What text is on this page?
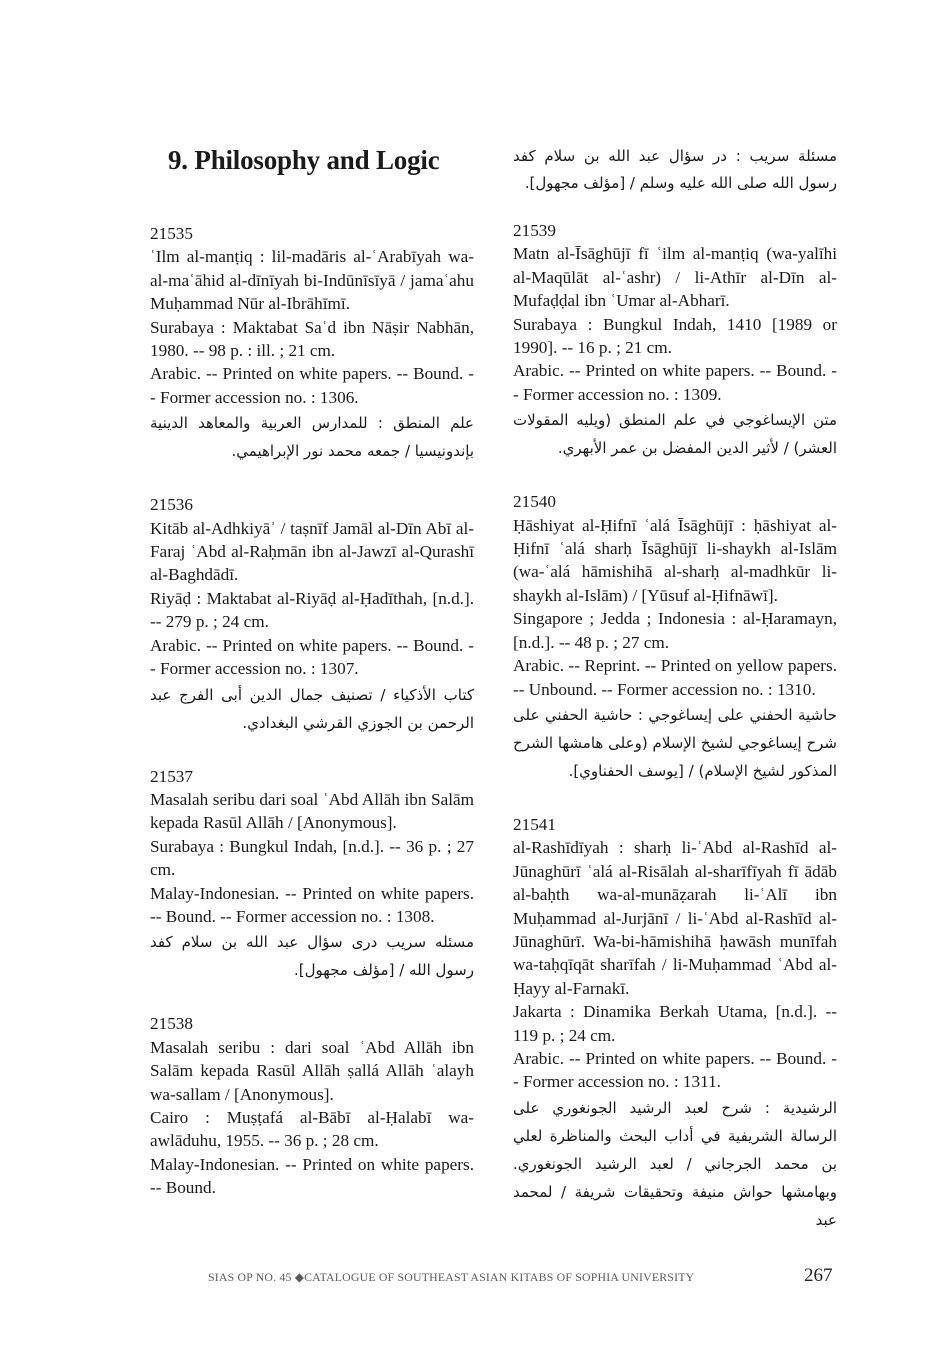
9. Philosophy and Logic

21535

ʿIlm al-manṭiq : lil-madāris al-ʿArabīyah wa-al-maʿāhid al-dīnīyah bi-Indūnīsīyā / jamaʿahu Muḥammad Nūr al-Ibrāhīmī.

Surabaya : Maktabat Saʿd ibn Nāṣir Nabhān, 1980. -- 98 p. : ill. ; 21 cm.

Arabic. -- Printed on white papers. -- Bound. -- Former accession no. : 1306.

علم المنطق : للمدارس العربية والمعاهد الدينية بإندونيسيا / جمعه محمد نور الإبراهيمي.

21536

Kitāb al-Adhkiyāʾ / taṣnīf Jamāl al-Dīn Abī al-Faraj ʿAbd al-Raḥmān ibn al-Jawzī al-Qurashī al-Baghdādī.

Riyāḍ : Maktabat al-Riyāḍ al-Ḥadīthah, [n.d.]. -- 279 p. ; 24 cm.

Arabic. -- Printed on white papers. -- Bound. -- Former accession no. : 1307.

كتاب الأذكياء / تصنيف جمال الدين أبى الفرج عبد الرحمن بن الجوزي القرشي البغدادي.

21537

Masalah seribu dari soal ʿAbd Allāh ibn Salām kepada Rasūl Allāh / [Anonymous].

Surabaya : Bungkul Indah, [n.d.]. -- 36 p. ; 27 cm.

Malay-Indonesian. -- Printed on white papers. -- Bound. -- Former accession no. : 1308.

مسئله سريب درى سؤال عبد الله بن سلام كفد رسول الله / [مؤلف مجهول].

21538

Masalah seribu : dari soal ʿAbd Allāh ibn Salām kepada Rasūl Allāh ṣallá Allāh ʿalayh wa-sallam / [Anonymous].

Cairo : Muṣṭafá al-Bābī al-Ḥalabī wa-awlāduhu, 1955. -- 36 p. ; 28 cm.

Malay-Indonesian. -- Printed on white papers. -- Bound.

مسئلة سريب : در سؤال عبد الله بن سلام كفد رسول الله صلى الله عليه وسلم / [مؤلف مجهول].

21539

Matn al-Īsāghūjī fī ʿilm al-manṭiq (wa-yalīhi al-Maqūlāt al-ʿashr) / li-Athīr al-Dīn al-Mufaḍḍal ibn ʿUmar al-Abharī.

Surabaya : Bungkul Indah, 1410 [1989 or 1990]. -- 16 p. ; 21 cm.

Arabic. -- Printed on white papers. -- Bound. -- Former accession no. : 1309.

متن الإيساغوجي في علم المنطق (ويليه المقولات العشر) / لأثير الدين المفضل بن عمر الأبهري.

21540

Ḥāshiyat al-Ḥifnī ʿalá Īsāghūjī : ḥāshiyat al-Ḥifnī ʿalá sharḥ Īsāghūjī li-shaykh al-Islām (wa-ʿalá hāmishihā al-sharḥ al-madhkūr li-shaykh al-Islām) / [Yūsuf al-Ḥifnāwī].

Singapore ; Jedda ; Indonesia : al-Ḥaramayn, [n.d.]. -- 48 p. ; 27 cm.

Arabic. -- Reprint. -- Printed on yellow papers. -- Unbound. -- Former accession no. : 1310.

حاشية الحفني على إيساغوجي : حاشية الحفني على شرح إيساغوجي لشيخ الإسلام (وعلى هامشها الشرح المذكور لشيخ الإسلام) / [يوسف الحفناوي].

21541

al-Rashīdīyah : sharḥ li-ʿAbd al-Rashīd al-Jūnaghūrī ʿalá al-Risālah al-sharīfīyah fī ādāb al-baḥth wa-al-munāẓarah li-ʿAlī ibn Muḥammad al-Jurjānī / li-ʿAbd al-Rashīd al-Jūnaghūrī. Wa-bi-hāmishihā ḥawāsh munīfah wa-taḥqīqāt sharīfah / li-Muḥammad ʿAbd al-Ḥayy al-Farnakī.

Jakarta : Dinamika Berkah Utama, [n.d.]. -- 119 p. ; 24 cm.

Arabic. -- Printed on white papers. -- Bound. -- Former accession no. : 1311.

الرشيدية : شرح لعبد الرشيد الجونغوري على الرسالة الشريفية في أداب البحث والمناظرة لعلي بن محمد الجرجاني / لعبد الرشيد الجونغوري. وبهامشها حواش منيفة وتحقيقات شريفة / لمحمد عبد

SIAS OP NO. 45 ◆CATALOGUE OF SOUTHEAST ASIAN KITABS OF SOPHIA UNIVERSITY	267
